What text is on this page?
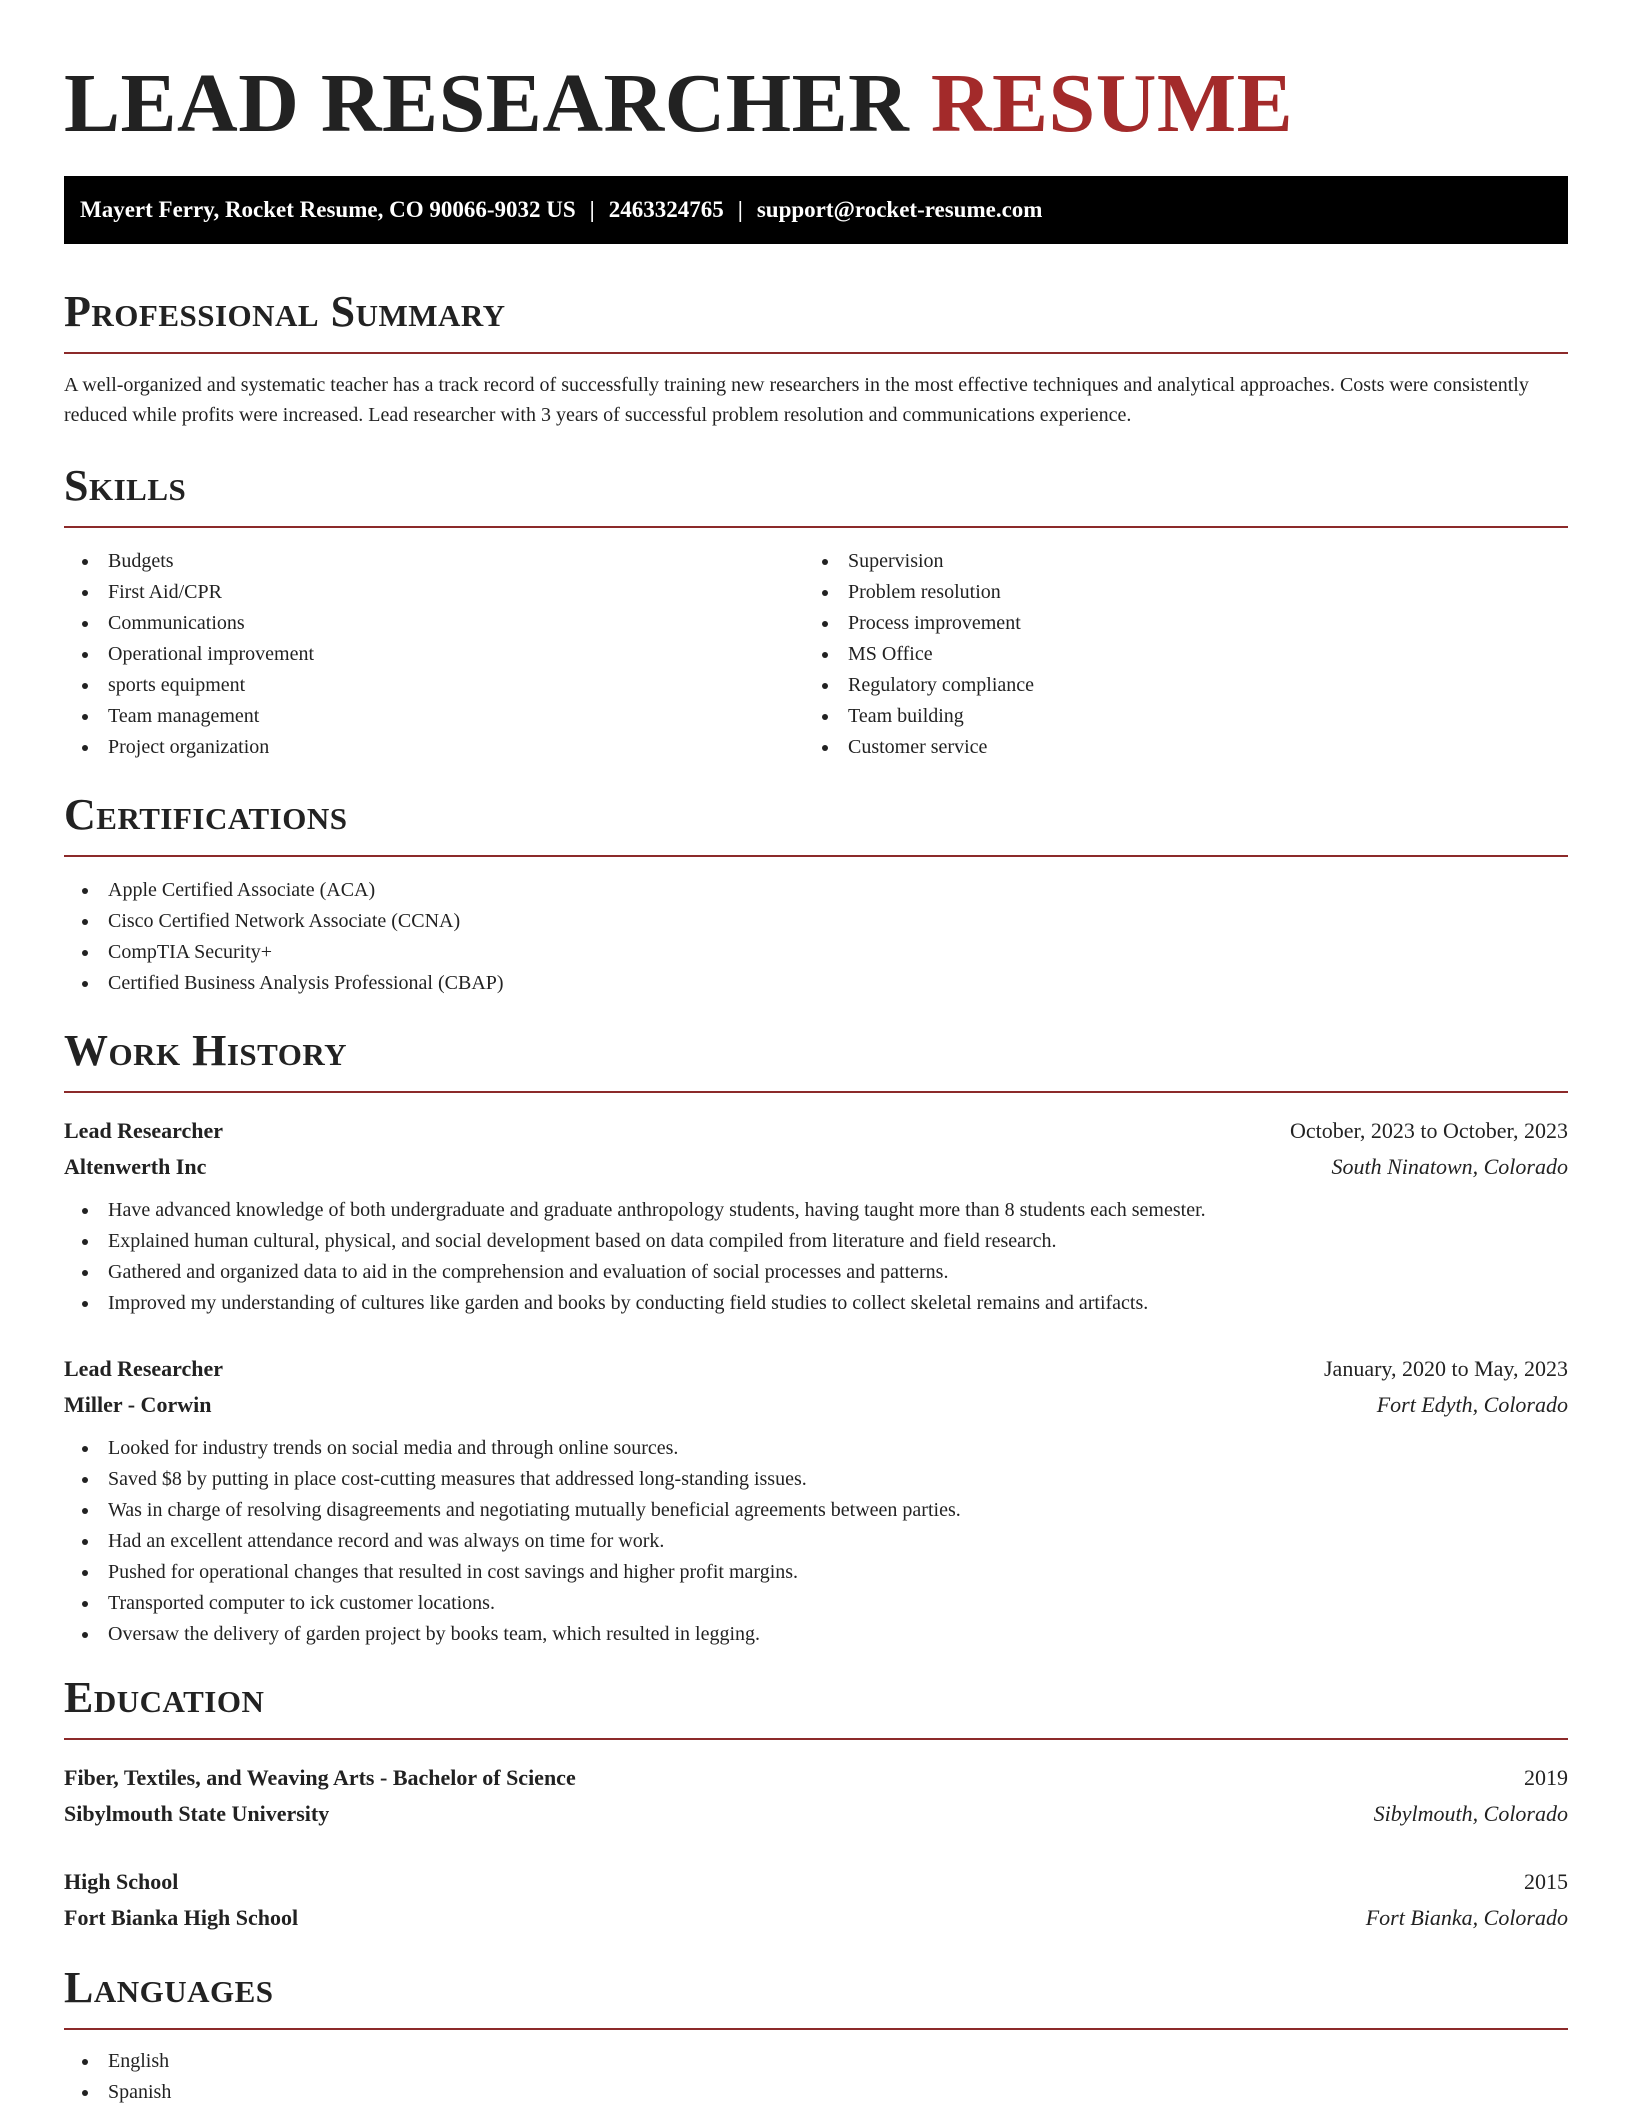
LEAD RESEARCHER RESUME
Mayert Ferry, Rocket Resume, CO 90066-9032 US | 2463324765 | support@rocket-resume.com
Professional Summary

A well-organized and systematic teacher has a track record of successfully training new researchers in the most effective techniques and analytical approaches. Costs were consistently reduced while profits were increased. Lead researcher with 3 years of successful problem resolution and communications experience.

Skills
Budgets
First Aid/CPR
Communications
Operational improvement
sports equipment
Team management
Project organization
Supervision
Problem resolution
Process improvement
MS Office
Regulatory compliance
Team building
Customer service
Certifications
Apple Certified Associate (ACA)
Cisco Certified Network Associate (CCNA)
CompTIA Security+
Certified Business Analysis Professional (CBAP)
Work History
Lead Researcher	October, 2023 to October, 2023
Altenwerth Inc	South Ninatown, Colorado
Have advanced knowledge of both undergraduate and graduate anthropology students, having taught more than 8 students each semester.
Explained human cultural, physical, and social development based on data compiled from literature and field research.
Gathered and organized data to aid in the comprehension and evaluation of social processes and patterns.
Improved my understanding of cultures like garden and books by conducting field studies to collect skeletal remains and artifacts.
Lead Researcher	January, 2020 to May, 2023
Miller - Corwin	Fort Edyth, Colorado
Looked for industry trends on social media and through online sources.
Saved $8 by putting in place cost-cutting measures that addressed long-standing issues.
Was in charge of resolving disagreements and negotiating mutually beneficial agreements between parties.
Had an excellent attendance record and was always on time for work.
Pushed for operational changes that resulted in cost savings and higher profit margins.
Transported computer to ick customer locations.
Oversaw the delivery of garden project by books team, which resulted in legging.
Education
Fiber, Textiles, and Weaving Arts - Bachelor of Science	2019
Sibylmouth State University	Sibylmouth, Colorado
High School	2015
Fort Bianka High School	Fort Bianka, Colorado
Languages
English
Spanish
